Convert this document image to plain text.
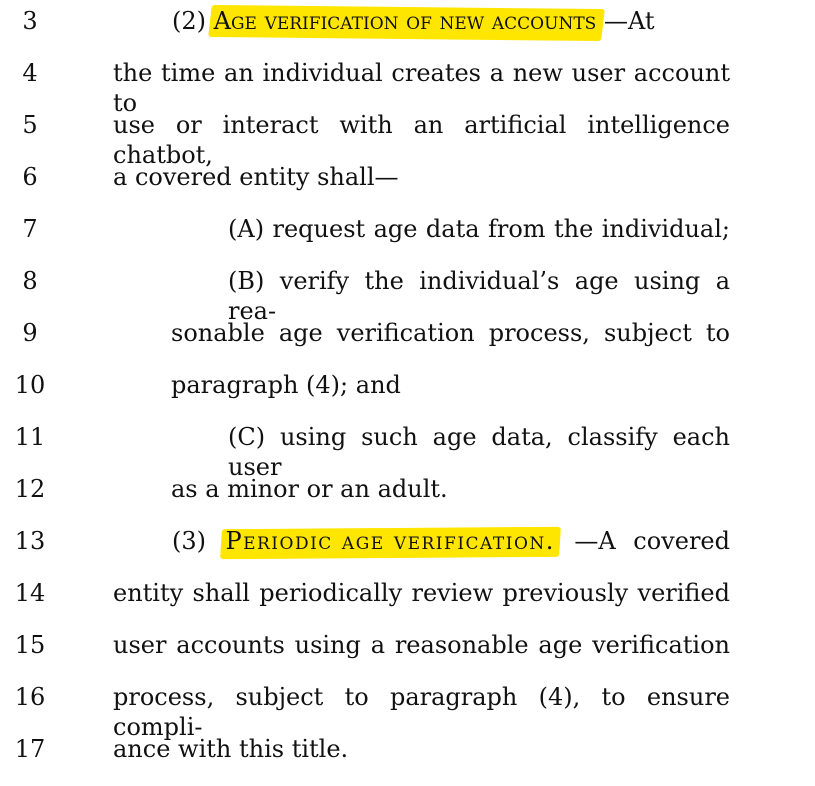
3	(2) Age verification of new accounts.—At
4	the time an individual creates a new user account to
5	use or interact with an artificial intelligence chatbot,
6	a covered entity shall—
7	(A) request age data from the individual;
8	(B) verify the individual’s age using a rea-
9	sonable age verification process, subject to
10	paragraph (4); and
11	(C) using such age data, classify each user
12	as a minor or an adult.
13	(3) Periodic age verification. —A covered
14	entity shall periodically review previously verified
15	user accounts using a reasonable age verification
16	process, subject to paragraph (4), to ensure compli-
17	ance with this title.
